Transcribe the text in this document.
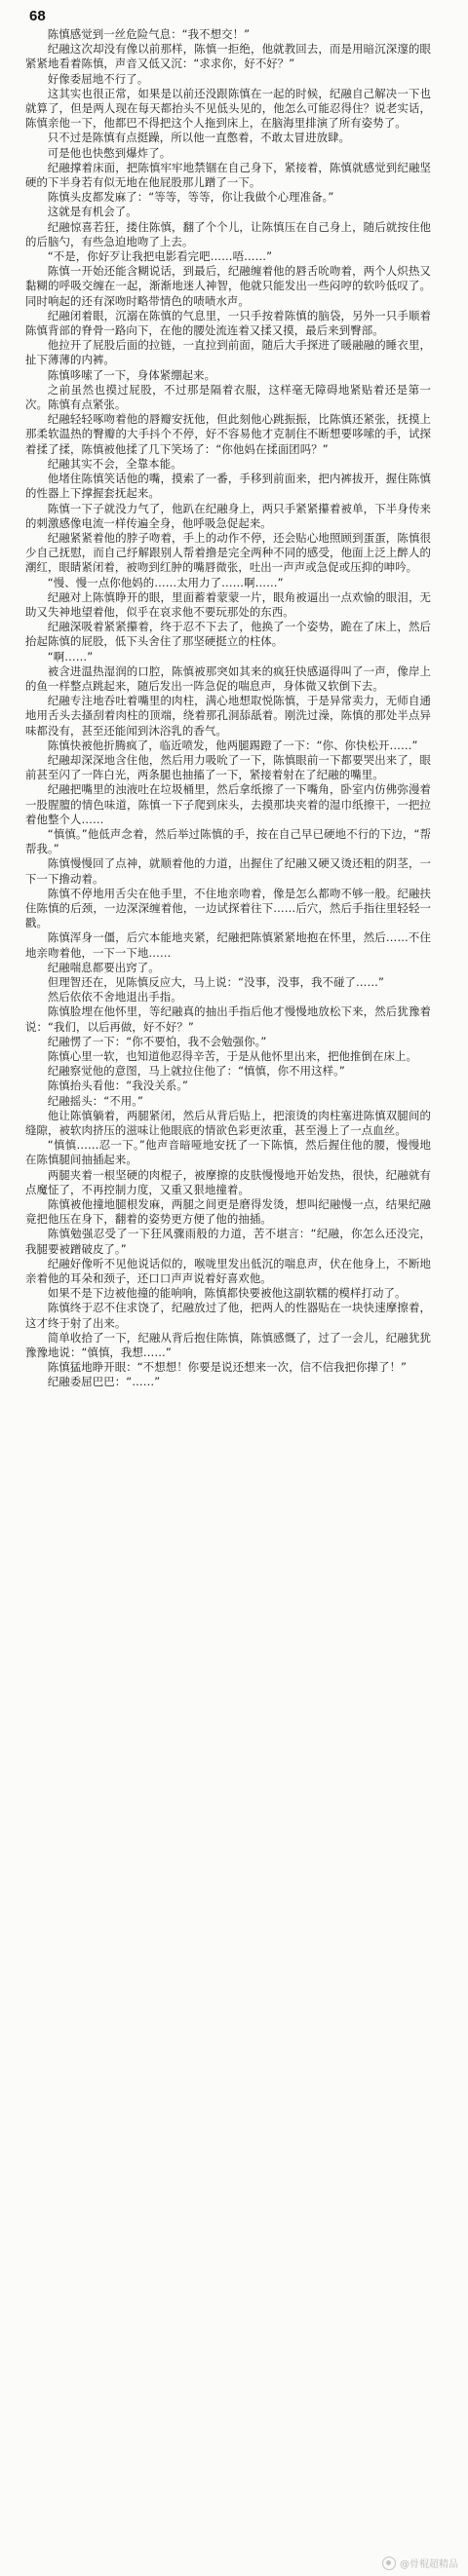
68

陈慎感觉到一丝危险气息：“我不想交！”

纪融这次却没有像以前那样，陈慎一拒绝，他就教回去，而是用暗沉深邃的眼紧紧地看着陈慎，声音又低又沉：“求求你，好不好？”

好像委屈地不行了。

这其实也很正常，如果是以前还没跟陈慎在一起的时候，纪融自己解决一下也就算了，但是两人现在每天都抬头不见低头见的，他怎么可能忍得住？说老实话，陈慎亲他一下，他都巴不得把这个人拖到床上，在脑海里排演了所有姿势了。

只不过是陈慎有点挺躁，所以他一直憋着，不敢太冒进放肆。

可是他也快憋到爆炸了。

纪融撑着床面，把陈慎牢牢地禁锢在自己身下，紧接着，陈慎就感觉到纪融坚硬的下半身若有似无地在他屁股那儿蹭了一下。

陈慎头皮都发麻了：“等等，等等，你让我做个心理准备。”

这就是有机会了。

纪融惊喜若狂，搂住陈慎，翻了个个儿，让陈慎压在自己身上，随后就按住他的后脑勺，有些急迫地吻了上去。

“不是，你好歹让我把电影看完吧……唔……”

陈慎一开始还能含糊说话，到最后，纪融缠着他的唇舌吮吻着，两个人炽热又黏糊的呼吸交缠在一起，渐渐地迷人神智，他就只能发出一些闷哼的软吟低叹了。同时响起的还有深吻时略带情色的啧啧水声。

纪融闭着眼，沉溺在陈慎的气息里，一只手按着陈慎的脑袋，另外一只手顺着陈慎背部的脊骨一路向下，在他的腰处流连着又揉又摸，最后来到臀部。

他拉开了屁股后面的拉链，一直拉到前面，随后大手探进了暖融融的睡衣里，扯下薄薄的内裤。

陈慎哆嗦了一下，身体紧绷起来。

之前虽然也摸过屁股，不过那是隔着衣服，这样毫无障碍地紧贴着还是第一次。陈慎有点紧张。

纪融轻轻啄吻着他的唇瓣安抚他，但此刻他心跳振振，比陈慎还紧张，抚摸上那柔软温热的臀瓣的大手抖个不停，好不容易他才克制住不断想要哆嗦的手，试探着揉了揉，陈慎被他揉了几下笑场了：“你他妈在揉面团吗？”

纪融其实不会，全靠本能。

他堵住陈慎笑话他的嘴，摸索了一番，手移到前面来，把内裤拔开，握住陈慎的性器上下撑握套抚起来。

陈慎一下子就没力气了，他趴在纪融身上，两只手紧紧攥着被单，下半身传来的刺激感像电流一样传遍全身，他呼吸急促起来。

纪融紧紧着他的脖子吻着，手上的动作不停，还会贴心地照顾到蛋蛋，陈慎很少自己抚慰，而自己纾解跟别人帮着撸是完全两种不同的感受，他面上泛上醉人的潮红，眼睛紧闭着，被吻到红肿的嘴唇微张，吐出一声声或急促或压抑的呻吟。

“慢、慢一点你他妈的……太用力了……啊……”

纪融对上陈慎睁开的眼，里面蓄着蒙蒙一片，眼角被逼出一点欢愉的眼泪，无助又失神地望着他，似乎在哀求他不要玩那处的东西。

纪融深吸着紧紧攥着，终于忍不下去了，他换了一个姿势，跪在了床上，然后抬起陈慎的屁股，低下头舍住了那坚硬挺立的柱体。

“啊……”

被含进温热湿润的口腔，陈慎被那突如其来的疯狂快感逼得叫了一声，像岸上的鱼一样整点跳起来，随后发出一阵急促的喘息声，身体微又软倒下去。

纪融专注地吞吐着嘴里的肉柱，满心地想取悦陈慎，于是异常卖力，无师自通地用舌头去搔刮着肉柱的顶端，绕着那孔洞舔舐着。刚洗过澡，陈慎的那处半点异味都没有，甚至还能闻到沐浴乳的香气。

陈慎快被他折腾疯了，临近喷发，他两腿踢蹬了一下：“你、你快松开……”

纪融却深深地含住他，然后用力吸吮了一下，陈慎眼前一下都要哭出来了，眼前甚至闪了一阵白光，两条腿也抽搐了一下，紧接着射在了纪融的嘴里。

纪融把嘴里的浊液吐在垃圾桶里，然后拿纸擦了一下嘴角，卧室内仿佛弥漫着一股腥膻的情色味道，陈慎一下子爬到床头，去摸那块夹着的湿巾纸擦干，一把拉着他整个人……

“慎慎。”他低声念着，然后举过陈慎的手，按在自己早已硬地不行的下边，“帮帮我。”

陈慎慢慢回了点神，就顺着他的力道，出握住了纪融又硬又烫还粗的阴茎，一下一下撸动着。

陈慎不停地用舌尖在他手里，不住地亲吻着，像是怎么都吻不够一般。纪融扶住陈慎的后颈，一边深深缠着他，一边试探着往下……后穴，然后手指往里轻轻一戳。

陈慎浑身一僵，后穴本能地夹紧，纪融把陈慎紧紧地抱在怀里，然后……不住地亲吻着他，一下一下地……

纪融喘息都要出窍了。

但理智还在，见陈慎反应大，马上说：“没事，没事，我不碰了……”

然后依依不舍地退出手指。

陈慎脸埋在他怀里，等纪融真的抽出手指后他才慢慢地放松下来，然后犹豫着说：“我们，以后再做，好不好？”

纪融愣了一下：“你不要怕，我不会勉强你。”

陈慎心里一软，也知道他忍得辛苦，于是从他怀里出来，把他推倒在床上。

纪融察觉他的意图，马上就拉住他了：“慎慎，你不用这样。”

陈慎抬头看他：“我没关系。”

纪融摇头：“不用。”

他让陈慎躺着，两腿紧闭，然后从背后贴上，把滚烫的肉柱塞进陈慎双腿间的缝隙，被软肉挤压的滋味让他眼底的情欲色彩更浓重，甚至漫上了一点血丝。

“慎慎……忍一下。”他声音暗哑地安抚了一下陈慎，然后握住他的腰，慢慢地在陈慎腿间抽插起来。

两腿夹着一根坚硬的肉棍子，被摩擦的皮肤慢慢地开始发热，很快，纪融就有点魔怔了，不再控制力度，又重又狠地撞着。

陈慎被他撞地腿根发麻，两腿之间更是磨得发烫，想叫纪融慢一点，结果纪融竟把他压在身下，翻着的姿势更方便了他的抽插。

陈慎勉强忍受了一下狂风骤雨般的力道，苦不堪言：“纪融，你怎么还没完，我腿要被蹭破皮了。”

纪融好像听不见他说话似的，喉咙里发出低沉的喘息声，伏在他身上，不断地亲着他的耳朵和颈子，还口口声声说着好喜欢他。

如果不是下边被他撞的能响响，陈慎都快要被他这副软糯的模样打动了。

陈慎终于忍不住求饶了，纪融放过了他，把两人的性器贴在一块快速摩擦着，这才终于射了出来。

简单收拾了一下，纪融从背后抱住陈慎，陈慎感慨了，过了一会儿，纪融犹犹豫豫地说：“慎慎，我想……”

陈慎猛地睁开眼：“不想想！你要是说还想来一次，信不信我把你撵了！”

纪融委屈巴巴：“……”

@骨棍超精品
